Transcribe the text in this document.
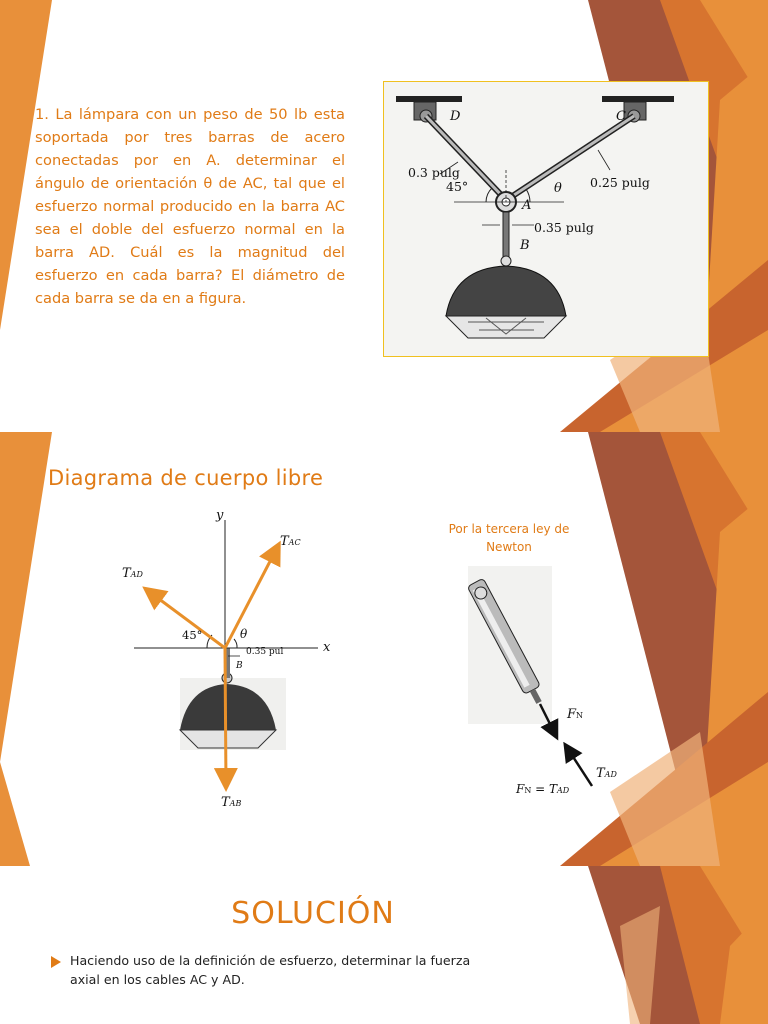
1. La lámpara con un peso de 50 lb esta soportada por tres barras de acero conectadas por en A. determinar el ángulo de orientación θ de AC, tal que el esfuerzo normal producido en la barra AC sea el doble del esfuerzo normal en la barra AD. Cuál es la magnitud del esfuerzo en cada barra? El diámetro de cada barra se da en a figura.
D	C
A
B
0.3 pulg
0.25 pulg
0.35 pulg
45°	θ
Diagrama de cuerpo libre
y
x
TAC
TAD
TAB
45°	θ
0.35 pul
B
Por la tercera ley de Newton
FN
TAD
FN = TAD
SOLUCIÓN
Haciendo uso de la definición de esfuerzo, determinar la fuerza axial en los cables AC y AD.
